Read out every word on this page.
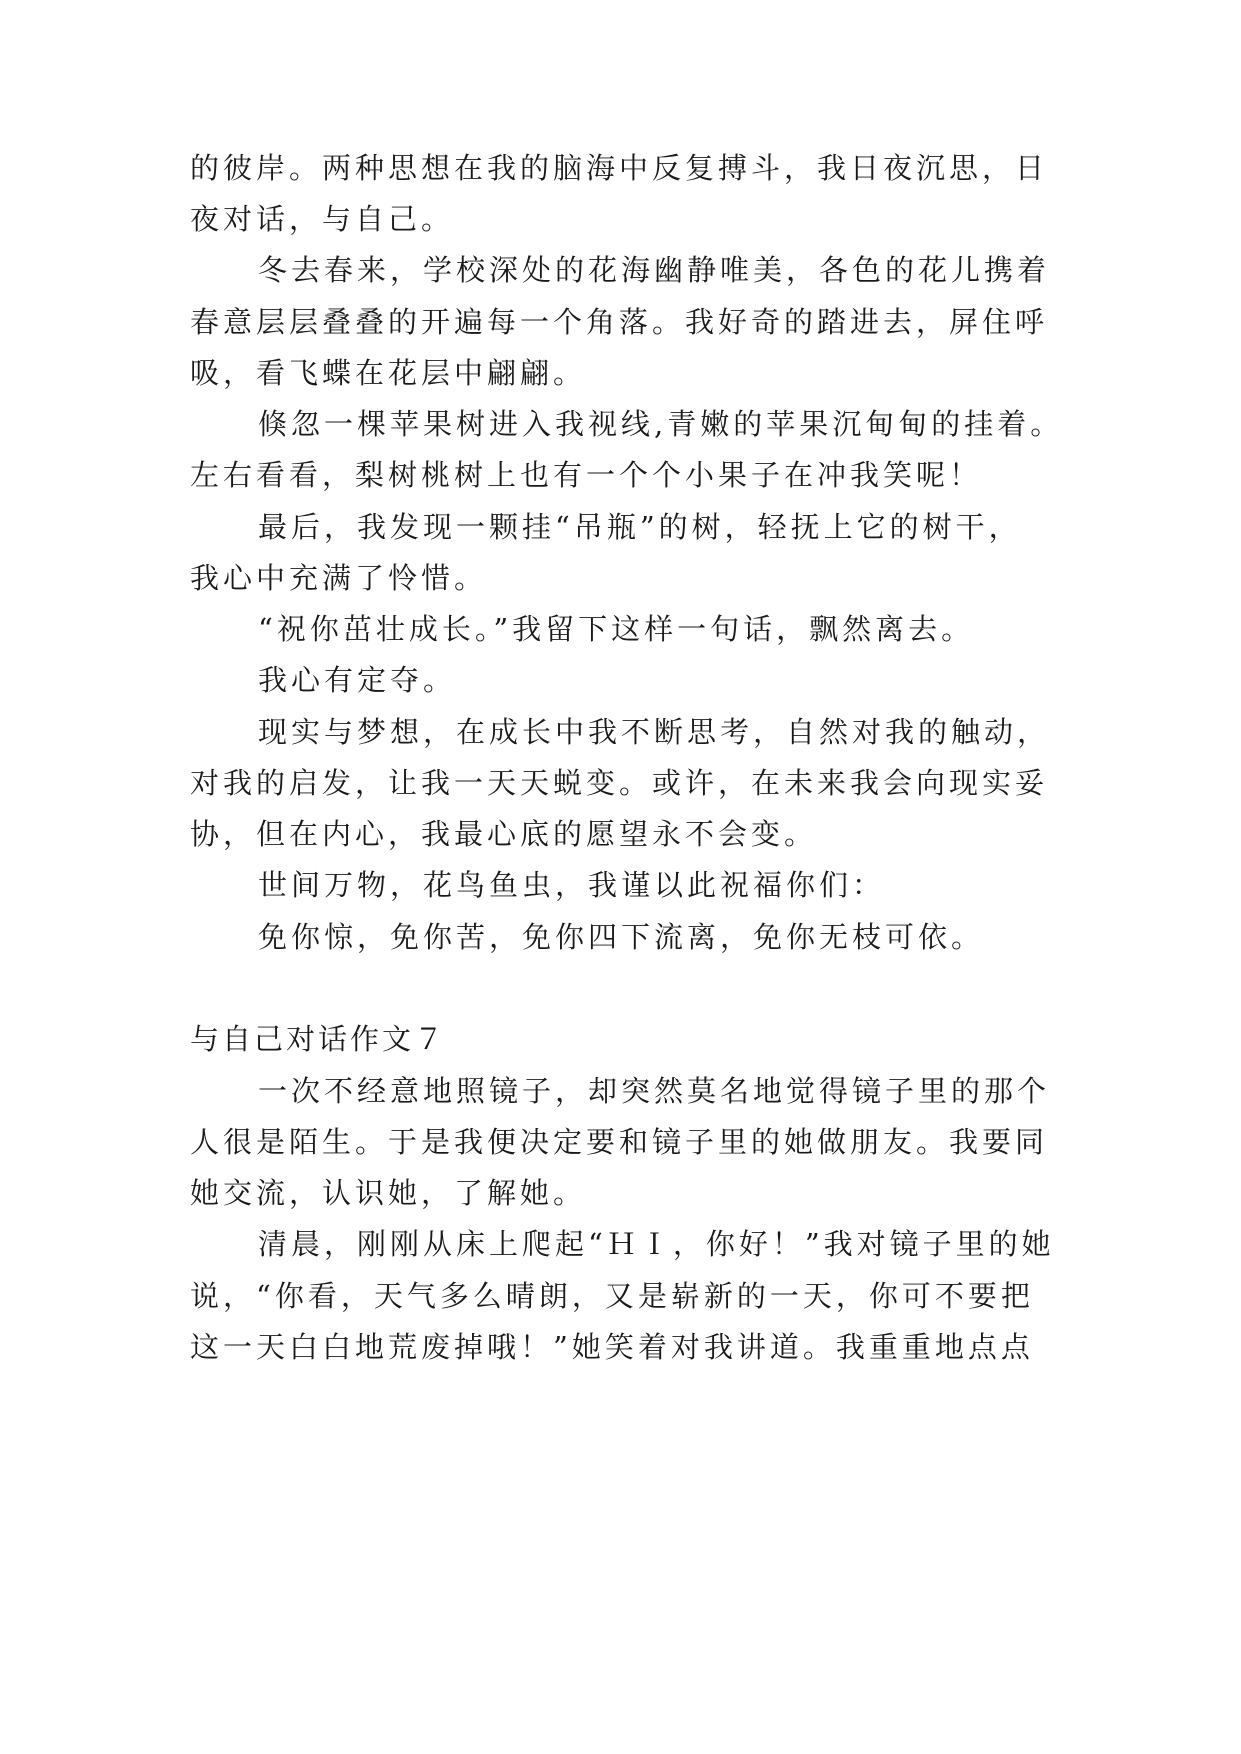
的彼岸。两种思想在我的脑海中反复搏斗，我日夜沉思，日
夜对话，与自己。
冬去春来，学校深处的花海幽静唯美，各色的花儿携着
春意层层叠叠的开遍每一个角落。我好奇的踏进去，屏住呼
吸，看飞蝶在花层中翩翩。
倏忽一棵苹果树进入我视线,青嫩的苹果沉甸甸的挂着。
左右看看，梨树桃树上也有一个个小果子在冲我笑呢！
最后，我发现一颗挂“吊瓶”的树，轻抚上它的树干，
我心中充满了怜惜。
“祝你茁壮成长。”我留下这样一句话，飘然离去。
我心有定夺。
现实与梦想，在成长中我不断思考，自然对我的触动，
对我的启发，让我一天天蜕变。或许，在未来我会向现实妥
协，但在内心，我最心底的愿望永不会变。
世间万物，花鸟鱼虫，我谨以此祝福你们：
免你惊，免你苦，免你四下流离，免你无枝可依。
与自己对话作文７
一次不经意地照镜子，却突然莫名地觉得镜子里的那个
人很是陌生。于是我便决定要和镜子里的她做朋友。我要同
她交流，认识她，了解她。
清晨，刚刚从床上爬起“ＨＩ，你好！”我对镜子里的她
说，“你看，天气多么晴朗，又是崭新的一天，你可不要把
这一天白白地荒废掉哦！”她笑着对我讲道。我重重地点点
